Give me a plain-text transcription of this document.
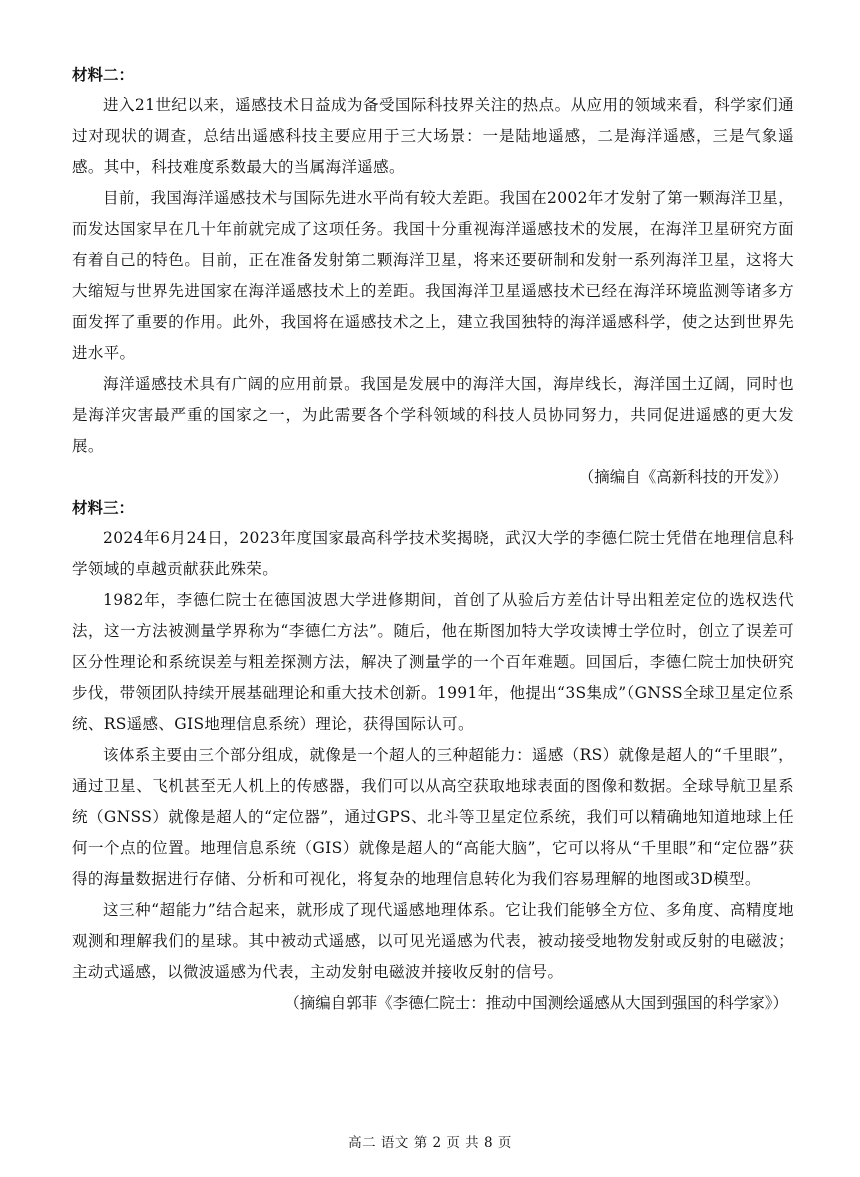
材料二：

进入21世纪以来，遥感技术日益成为备受国际科技界关注的热点。从应用的领域来看，科学家们通过对现状的调查，总结出遥感科技主要应用于三大场景：一是陆地遥感，二是海洋遥感，三是气象遥感。其中，科技难度系数最大的当属海洋遥感。

目前，我国海洋遥感技术与国际先进水平尚有较大差距。我国在2002年才发射了第一颗海洋卫星，而发达国家早在几十年前就完成了这项任务。我国十分重视海洋遥感技术的发展，在海洋卫星研究方面有着自己的特色。目前，正在准备发射第二颗海洋卫星，将来还要研制和发射一系列海洋卫星，这将大大缩短与世界先进国家在海洋遥感技术上的差距。我国海洋卫星遥感技术已经在海洋环境监测等诸多方面发挥了重要的作用。此外，我国将在遥感技术之上，建立我国独特的海洋遥感科学，使之达到世界先进水平。

海洋遥感技术具有广阔的应用前景。我国是发展中的海洋大国，海岸线长，海洋国土辽阔，同时也是海洋灾害最严重的国家之一，为此需要各个学科领域的科技人员协同努力，共同促进遥感的更大发展。

（摘编自《高新科技的开发》）

材料三：

2024年6月24日，2023年度国家最高科学技术奖揭晓，武汉大学的李德仁院士凭借在地理信息科学领域的卓越贡献获此殊荣。

1982年，李德仁院士在德国波恩大学进修期间，首创了从验后方差估计导出粗差定位的选权迭代法，这一方法被测量学界称为“李德仁方法”。随后，他在斯图加特大学攻读博士学位时，创立了误差可区分性理论和系统误差与粗差探测方法，解决了测量学的一个百年难题。回国后，李德仁院士加快研究步伐，带领团队持续开展基础理论和重大技术创新。1991年，他提出“3S集成”（GNSS全球卫星定位系统、RS遥感、GIS地理信息系统）理论，获得国际认可。

该体系主要由三个部分组成，就像是一个超人的三种超能力：遥感（RS）就像是超人的“千里眼”，通过卫星、飞机甚至无人机上的传感器，我们可以从高空获取地球表面的图像和数据。全球导航卫星系统（GNSS）就像是超人的“定位器”，通过GPS、北斗等卫星定位系统，我们可以精确地知道地球上任何一个点的位置。地理信息系统（GIS）就像是超人的“高能大脑”，它可以将从“千里眼”和“定位器”获得的海量数据进行存储、分析和可视化，将复杂的地理信息转化为我们容易理解的地图或3D模型。

这三种“超能力”结合起来，就形成了现代遥感地理体系。它让我们能够全方位、多角度、高精度地观测和理解我们的星球。其中被动式遥感，以可见光遥感为代表，被动接受地物发射或反射的电磁波；主动式遥感，以微波遥感为代表，主动发射电磁波并接收反射的信号。

（摘编自郭菲《李德仁院士：推动中国测绘遥感从大国到强国的科学家》）

高二 语文 第 2 页 共 8 页
